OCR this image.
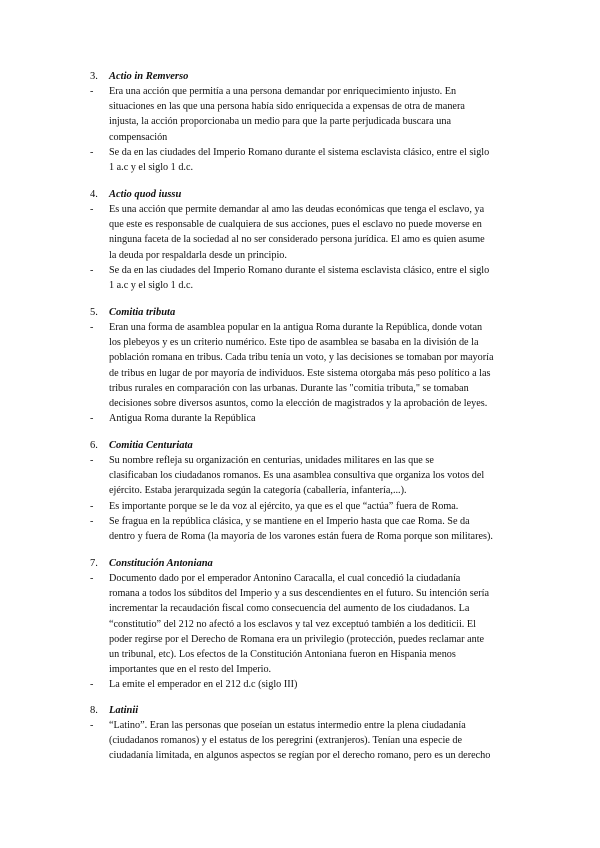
3. Actio in Remverso
- Era una acción que permitía a una persona demandar por enriquecimiento injusto. En
situaciones en las que una persona había sido enriquecida a expensas de otra de manera
injusta, la acción proporcionaba un medio para que la parte perjudicada buscara una
compensación
- Se da en las ciudades del Imperio Romano durante el sistema esclavista clásico, entre el siglo
1 a.c y el siglo 1 d.c.
4. Actio quod iussu
- Es una acción que permite demandar al amo las deudas económicas que tenga el esclavo, ya
que este es responsable de cualquiera de sus acciones, pues el esclavo no puede moverse en
ninguna faceta de la sociedad al no ser considerado persona jurídica. El amo es quien asume
la deuda por respaldarla desde un principio.
- Se da en las ciudades del Imperio Romano durante el sistema esclavista clásico, entre el siglo
1 a.c y el siglo 1 d.c.
5. Comitia tributa
- Eran una forma de asamblea popular en la antigua Roma durante la República, donde votan
los plebeyos y es un criterio numérico. Este tipo de asamblea se basaba en la división de la
población romana en tribus. Cada tribu tenía un voto, y las decisiones se tomaban por mayoría
de tribus en lugar de por mayoría de individuos. Este sistema otorgaba más peso político a las
tribus rurales en comparación con las urbanas. Durante las "comitia tributa," se tomaban
decisiones sobre diversos asuntos, como la elección de magistrados y la aprobación de leyes.
- Antigua Roma durante la República
6. Comitia Centuriata
- Su nombre refleja su organización en centurias, unidades militares en las que se
clasificaban los ciudadanos romanos. Es una asamblea consultiva que organiza los votos del
ejército. Estaba jerarquizada según la categoría (caballería, infantería,...).
- Es importante porque se le da voz al ejército, ya que es el que “actúa” fuera de Roma.
- Se fragua en la república clásica, y se mantiene en el Imperio hasta que cae Roma. Se da
dentro y fuera de Roma (la mayoría de los varones están fuera de Roma porque son militares).
7. Constitución Antoniana
- Documento dado por el emperador Antonino Caracalla, el cual concedió la ciudadanía
romana a todos los súbditos del Imperio y a sus descendientes en el futuro. Su intención sería
incrementar la recaudación fiscal como consecuencia del aumento de los ciudadanos. La
“constitutio” del 212 no afectó a los esclavos y tal vez exceptuó también a los dediticii. El
poder regirse por el Derecho de Romana era un privilegio (protección, puedes reclamar ante
un tribunal, etc). Los efectos de la Constitución Antoniana fueron en Hispania menos
importantes que en el resto del Imperio.
- La emite el emperador en el 212 d.c (siglo III)
8. Latinii
- “Latino”. Eran las personas que poseían un estatus intermedio entre la plena ciudadanía
(ciudadanos romanos) y el estatus de los peregrini (extranjeros). Tenían una especie de
ciudadanía limitada, en algunos aspectos se regían por el derecho romano, pero es un derecho
